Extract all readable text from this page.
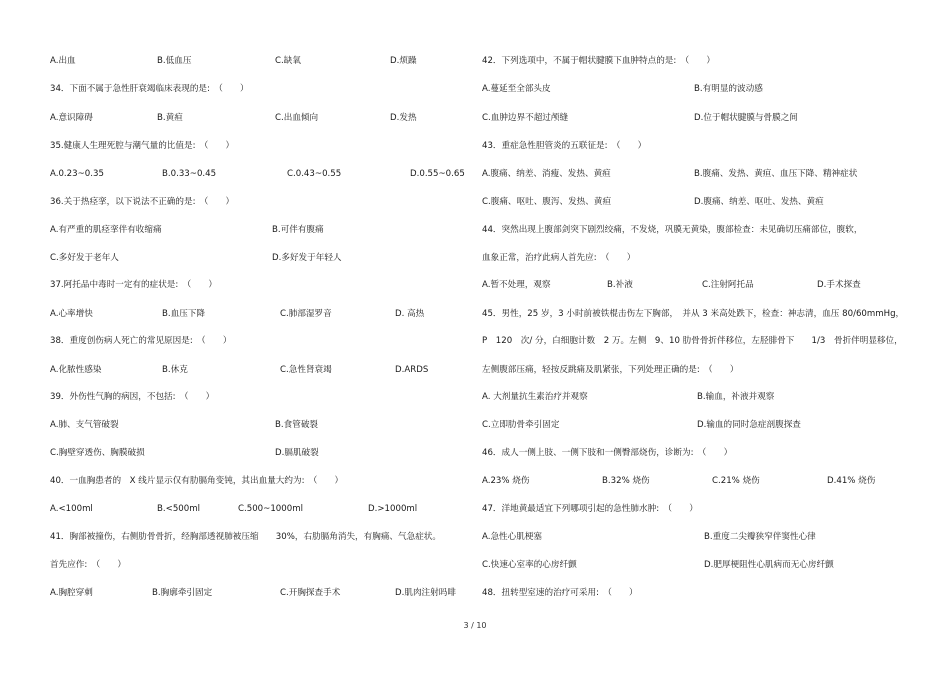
A.出血	B.低血压	C.缺氧	D.烦躁
34．下面不属于急性肝衰竭临床表现的是:　（　　）
A.意识障碍	B.黄疸	C.出血倾向	D.发热
35.健康人生理死腔与潮气量的比值是:　（　　）
A.0.23~0.35	B.0.33~0.45	C.0.43~0.55	D.0.55~0.65
36.关于热痉挛，以下说法不正确的是:　（　　）
A.有严重的肌痉挛伴有收缩痛	B.可伴有腹痛
C.多好发于老年人	D.多好发于年轻人
37.阿托品中毒时一定有的症状是:　（　　）
A.心率增快	B.血压下降	C.肺部湿罗音	D. 高热
38．重度创伤病人死亡的常见原因是:　（　　）
A.化脓性感染	B.休克	C.急性肾衰竭	D.ARDS
39．外伤性气胸的病因，不包括:　（　　）
A.肺、支气管破裂	B.食管破裂
C.胸壁穿透伤、胸膜破损	D.膈肌破裂
40．一血胸患者的　X 线片显示仅有肋膈角变钝，其出血量大约为:　（　　）
A.<100ml	B.<500ml	C.500~1000ml	D.>1000ml
41．胸部被撞伤，右侧肋骨骨折，经胸部透视肺被压缩　　30%，右肋膈角消失，有胸痛、气急症状。
首先应作:　（　　）
A.胸腔穿刺	B.胸廓牵引固定	C.开胸探查手术	D.肌肉注射吗啡
42．下列选项中，不属于帽状腱膜下血肿特点的是:　（　　）
A.蔓延至全部头皮	B.有明显的波动感
C.血肿边界不超过颅缝	D.位于帽状腱膜与骨膜之间
43．重症急性胆管炎的五联征是:　（　　）
A.腹痛、纳差、消瘦、发热、黄疸	B.腹痛、发热、黄疸、血压下降、精神症状
C.腹痛、呕吐、腹泻、发热、黄疸	D.腹痛、纳差、呕吐、发热、黄疸
44．突然出现上腹部剑突下剧烈绞痛，不发烧，巩膜无黄染，腹部检查：未见确切压痛部位，腹软，
血象正常，治疗此病人首先应:　（　　）
A.暂不处理，观察	B.补液	C.注射阿托品	D.手术探查
45．男性，25 岁，3 小时前被铁棍击伤左下胸部，　并从 3 米高处跌下，检查：神志清，血压 80/60mmHg，
P　120　次/ 分，白细胞计数　2 万。左侧　9、10 肋骨骨折伴移位，左胫腓骨下　　1/3　骨折伴明显移位，
左侧腹部压痛，轻按反跳痛及肌紧张，下列处理正确的是:　（　　）
A. 大剂量抗生素治疗并观察	B.输血，补液并观察
C.立即肋骨牵引固定	D.输血的同时急症剖腹探查
46．成人一侧上肢、一侧下肢和一侧臀部烧伤，诊断为:　（　　）
A.23% 烧伤	B.32% 烧伤	C.21% 烧伤	D.41% 烧伤
47．洋地黄最适宜下列哪项引起的急性肺水肿:　（　　）
A.急性心肌梗塞	B.重度二尖瓣狭窄伴窦性心律
C.快速心室率的心房纤颤	D.肥厚梗阻性心肌病而无心房纤颤
48．扭转型室速的治疗可采用:　（　　）
3 / 10
